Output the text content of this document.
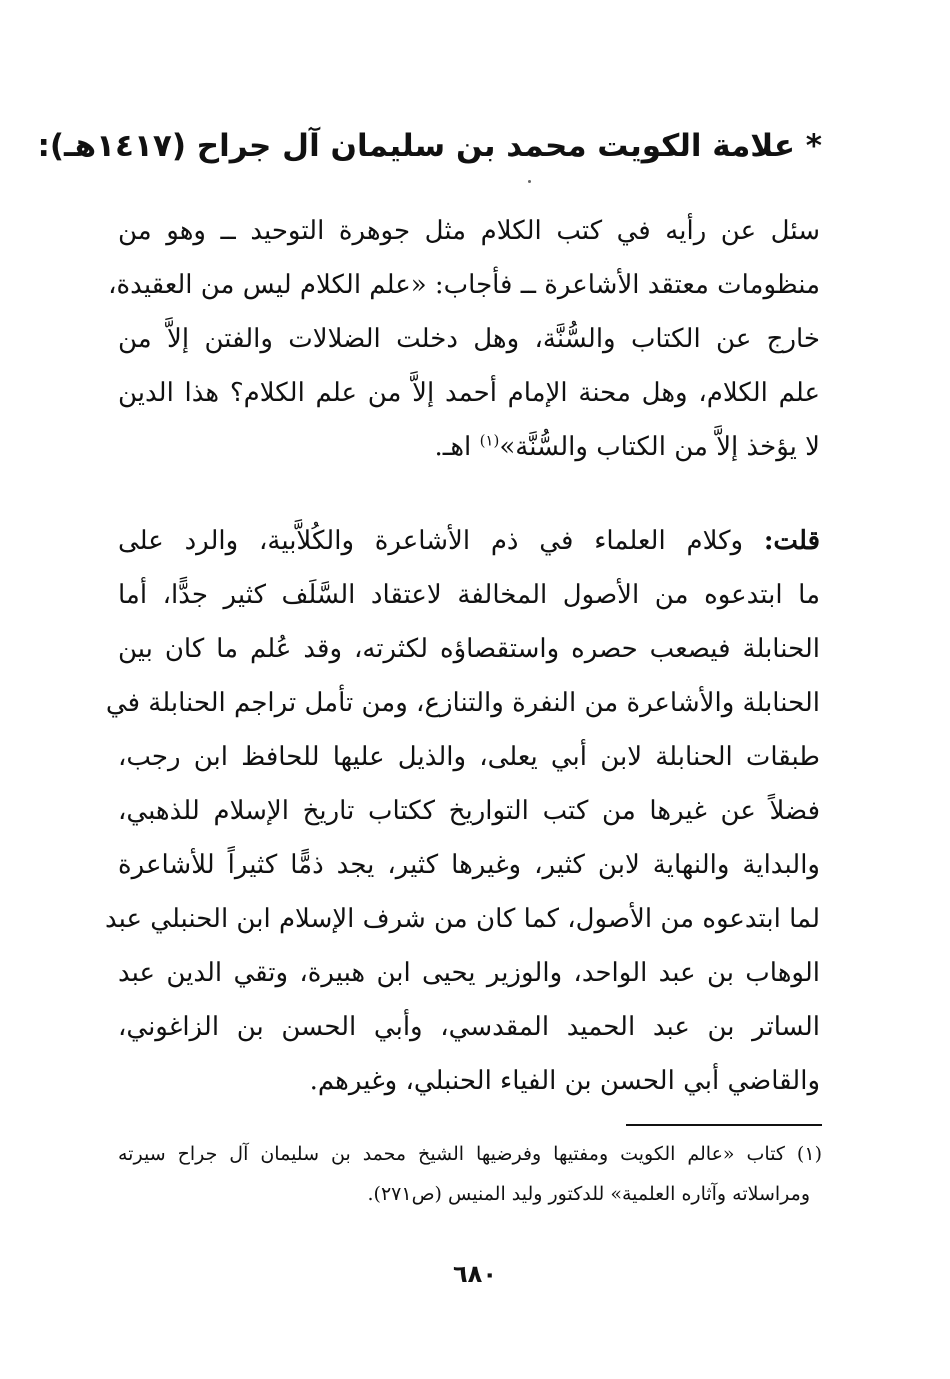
* علامة الكويت محمد بن سليمان آل جراح (١٤١٧هـ):
سئل عن رأيه في كتب الكلام مثل جوهرة التوحيد ــ وهو من
منظومات معتقد الأشاعرة ــ فأجاب: «علم الكلام ليس من العقيدة،
خارج عن الكتاب والسُّنَّة، وهل دخلت الضلالات والفتن إلاَّ من
علم الكلام، وهل محنة الإمام أحمد إلاَّ من علم الكلام؟ هذا الدين
لا يؤخذ إلاَّ من الكتاب والسُّنَّة»$^{(١)}$ اهـ.
قلت: وكلام العلماء في ذم الأشاعرة والكُلاَّبية، والرد على
ما ابتدعوه من الأصول المخالفة لاعتقاد السَّلَف كثير جدًّا، أما
الحنابلة فيصعب حصره واستقصاؤه لكثرته، وقد عُلم ما كان بين
الحنابلة والأشاعرة من النفرة والتنازع، ومن تأمل تراجم الحنابلة في
طبقات الحنابلة لابن أبي يعلى، والذيل عليها للحافظ ابن رجب،
فضلاً عن غيرها من كتب التواريخ ككتاب تاريخ الإسلام للذهبي،
والبداية والنهاية لابن كثير، وغيرها كثير، يجد ذمًّا كثيراً للأشاعرة
لما ابتدعوه من الأصول، كما كان من شرف الإسلام ابن الحنبلي عبد
الوهاب بن عبد الواحد، والوزير يحيى ابن هبيرة، وتقي الدين عبد
الساتر بن عبد الحميد المقدسي، وأبي الحسن بن الزاغوني،
والقاضي أبي الحسن بن الفياء الحنبلي، وغيرهم.
(١) كتاب «عالم الكويت ومفتيها وفرضيها الشيخ محمد بن سليمان آل جراح سيرته
ومراسلاته وآثاره العلمية» للدكتور وليد المنيس (ص٢٧١).
٦٨٠
